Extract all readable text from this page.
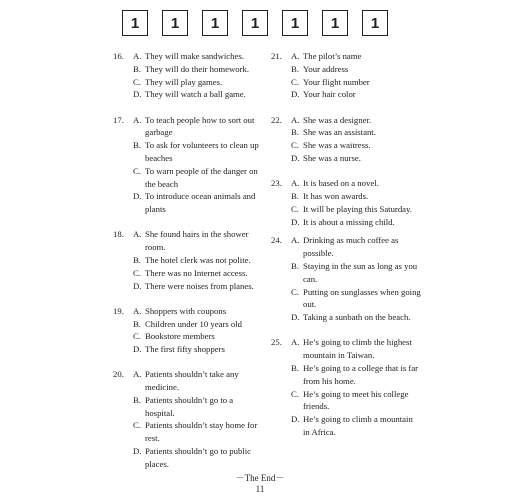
1	1	1	1	1	1	1
16.	A. They will make sandwiches.
B. They will do their homework.
C. They will play games.
D. They will watch a ball game.
17.	A. To teach people how to sort out garbage
B. To ask for volunteers to clean up beaches
C. To warn people of the danger on the beach
D. To introduce ocean animals and plants
18.	A. She found hairs in the shower room.
B. The hotel clerk was not polite.
C. There was no Internet access.
D. There were noises from planes.
19.	A. Shoppers with coupons
B. Children under 10 years old
C. Bookstore members
D. The first fifty shoppers
20.	A. Patients shouldn’t take any medicine.
B. Patients shouldn’t go to a hospital.
C. Patients shouldn’t stay home for rest.
D. Patients shouldn’t go to public places.
21.	A. The pilot’s name
B. Your address
C. Your flight number
D. Your hair color
22.	A. She was a designer.
B. She was an assistant.
C. She was a waitress.
D. She was a nurse.
23.	A. It is based on a novel.
B. It has won awards.
C. It will be playing this Saturday.
D. It is about a missing child.
24.	A. Drinking as much coffee as possible.
B. Staying in the sun as long as you can.
C. Putting on sunglasses when going out.
D. Taking a sunbath on the beach.
25.	A. He’s going to climb the highest mountain in Taiwan.
B. He’s going to a college that is far from his home.
C. He’s going to meet his college friends.
D. He’s going to climb a mountain in Africa.
－The End－
11
